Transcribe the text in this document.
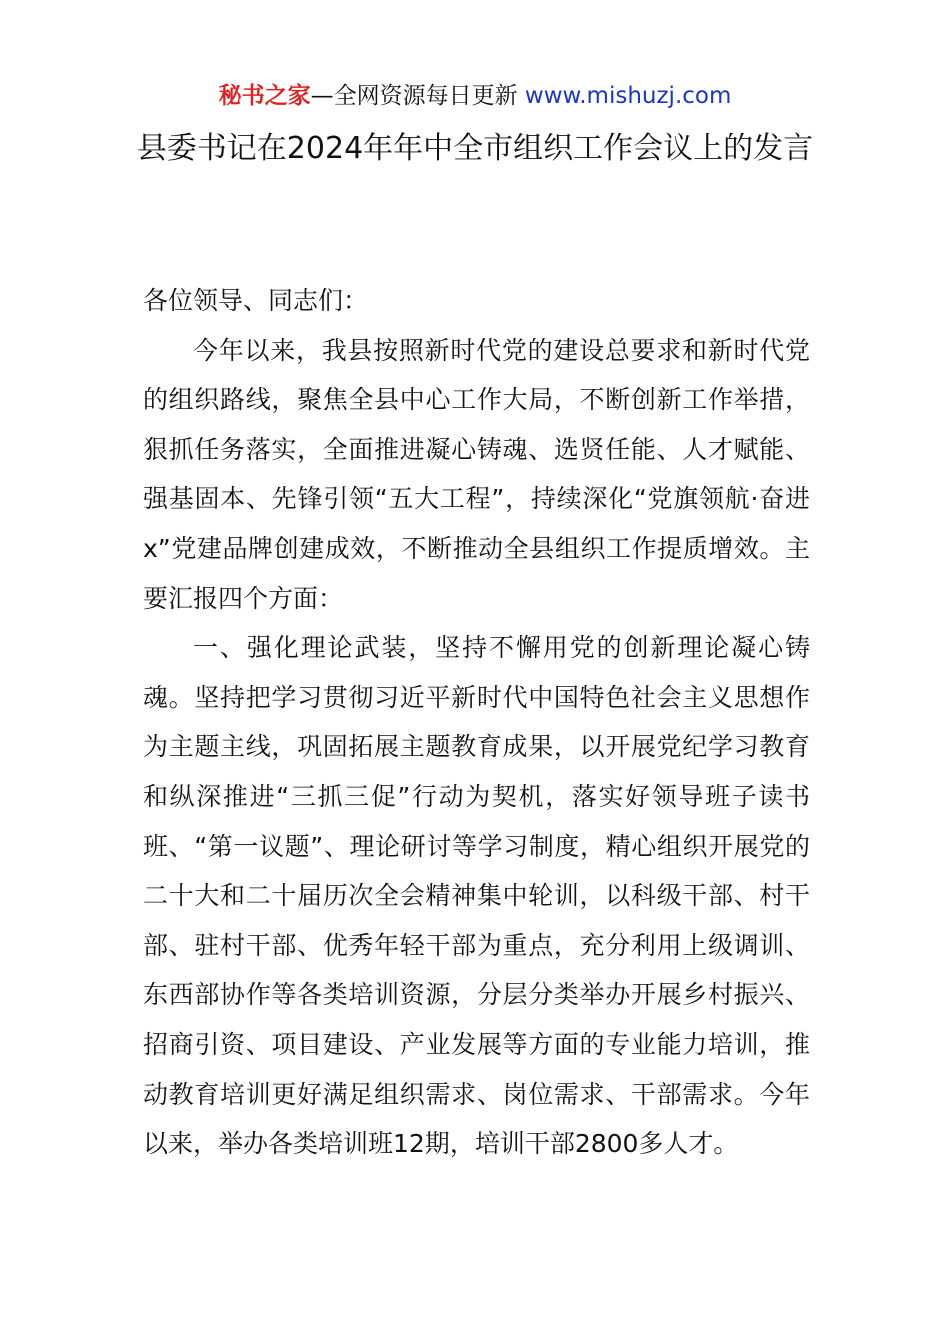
秘书之家—全网资源每日更新 www.mishuzj.com
县委书记在2024年年中全市组织工作会议上的发言

各位领导、同志们：

今年以来，我县按照新时代党的建设总要求和新时代党的组织路线，聚焦全县中心工作大局，不断创新工作举措，狠抓任务落实，全面推进凝心铸魂、选贤任能、人才赋能、强基固本、先锋引领“五大工程”，持续深化“党旗领航·奋进x”党建品牌创建成效，不断推动全县组织工作提质增效。主要汇报四个方面：

一、强化理论武装，坚持不懈用党的创新理论凝心铸魂。坚持把学习贯彻习近平新时代中国特色社会主义思想作为主题主线，巩固拓展主题教育成果，以开展党纪学习教育和纵深推进“三抓三促”行动为契机，落实好领导班子读书班、“第一议题”、理论研讨等学习制度，精心组织开展党的二十大和二十届历次全会精神集中轮训，以科级干部、村干部、驻村干部、优秀年轻干部为重点，充分利用上级调训、东西部协作等各类培训资源，分层分类举办开展乡村振兴、招商引资、项目建设、产业发展等方面的专业能力培训，推动教育培训更好满足组织需求、岗位需求、干部需求。今年以来，举办各类培训班12期，培训干部2800多人才。
